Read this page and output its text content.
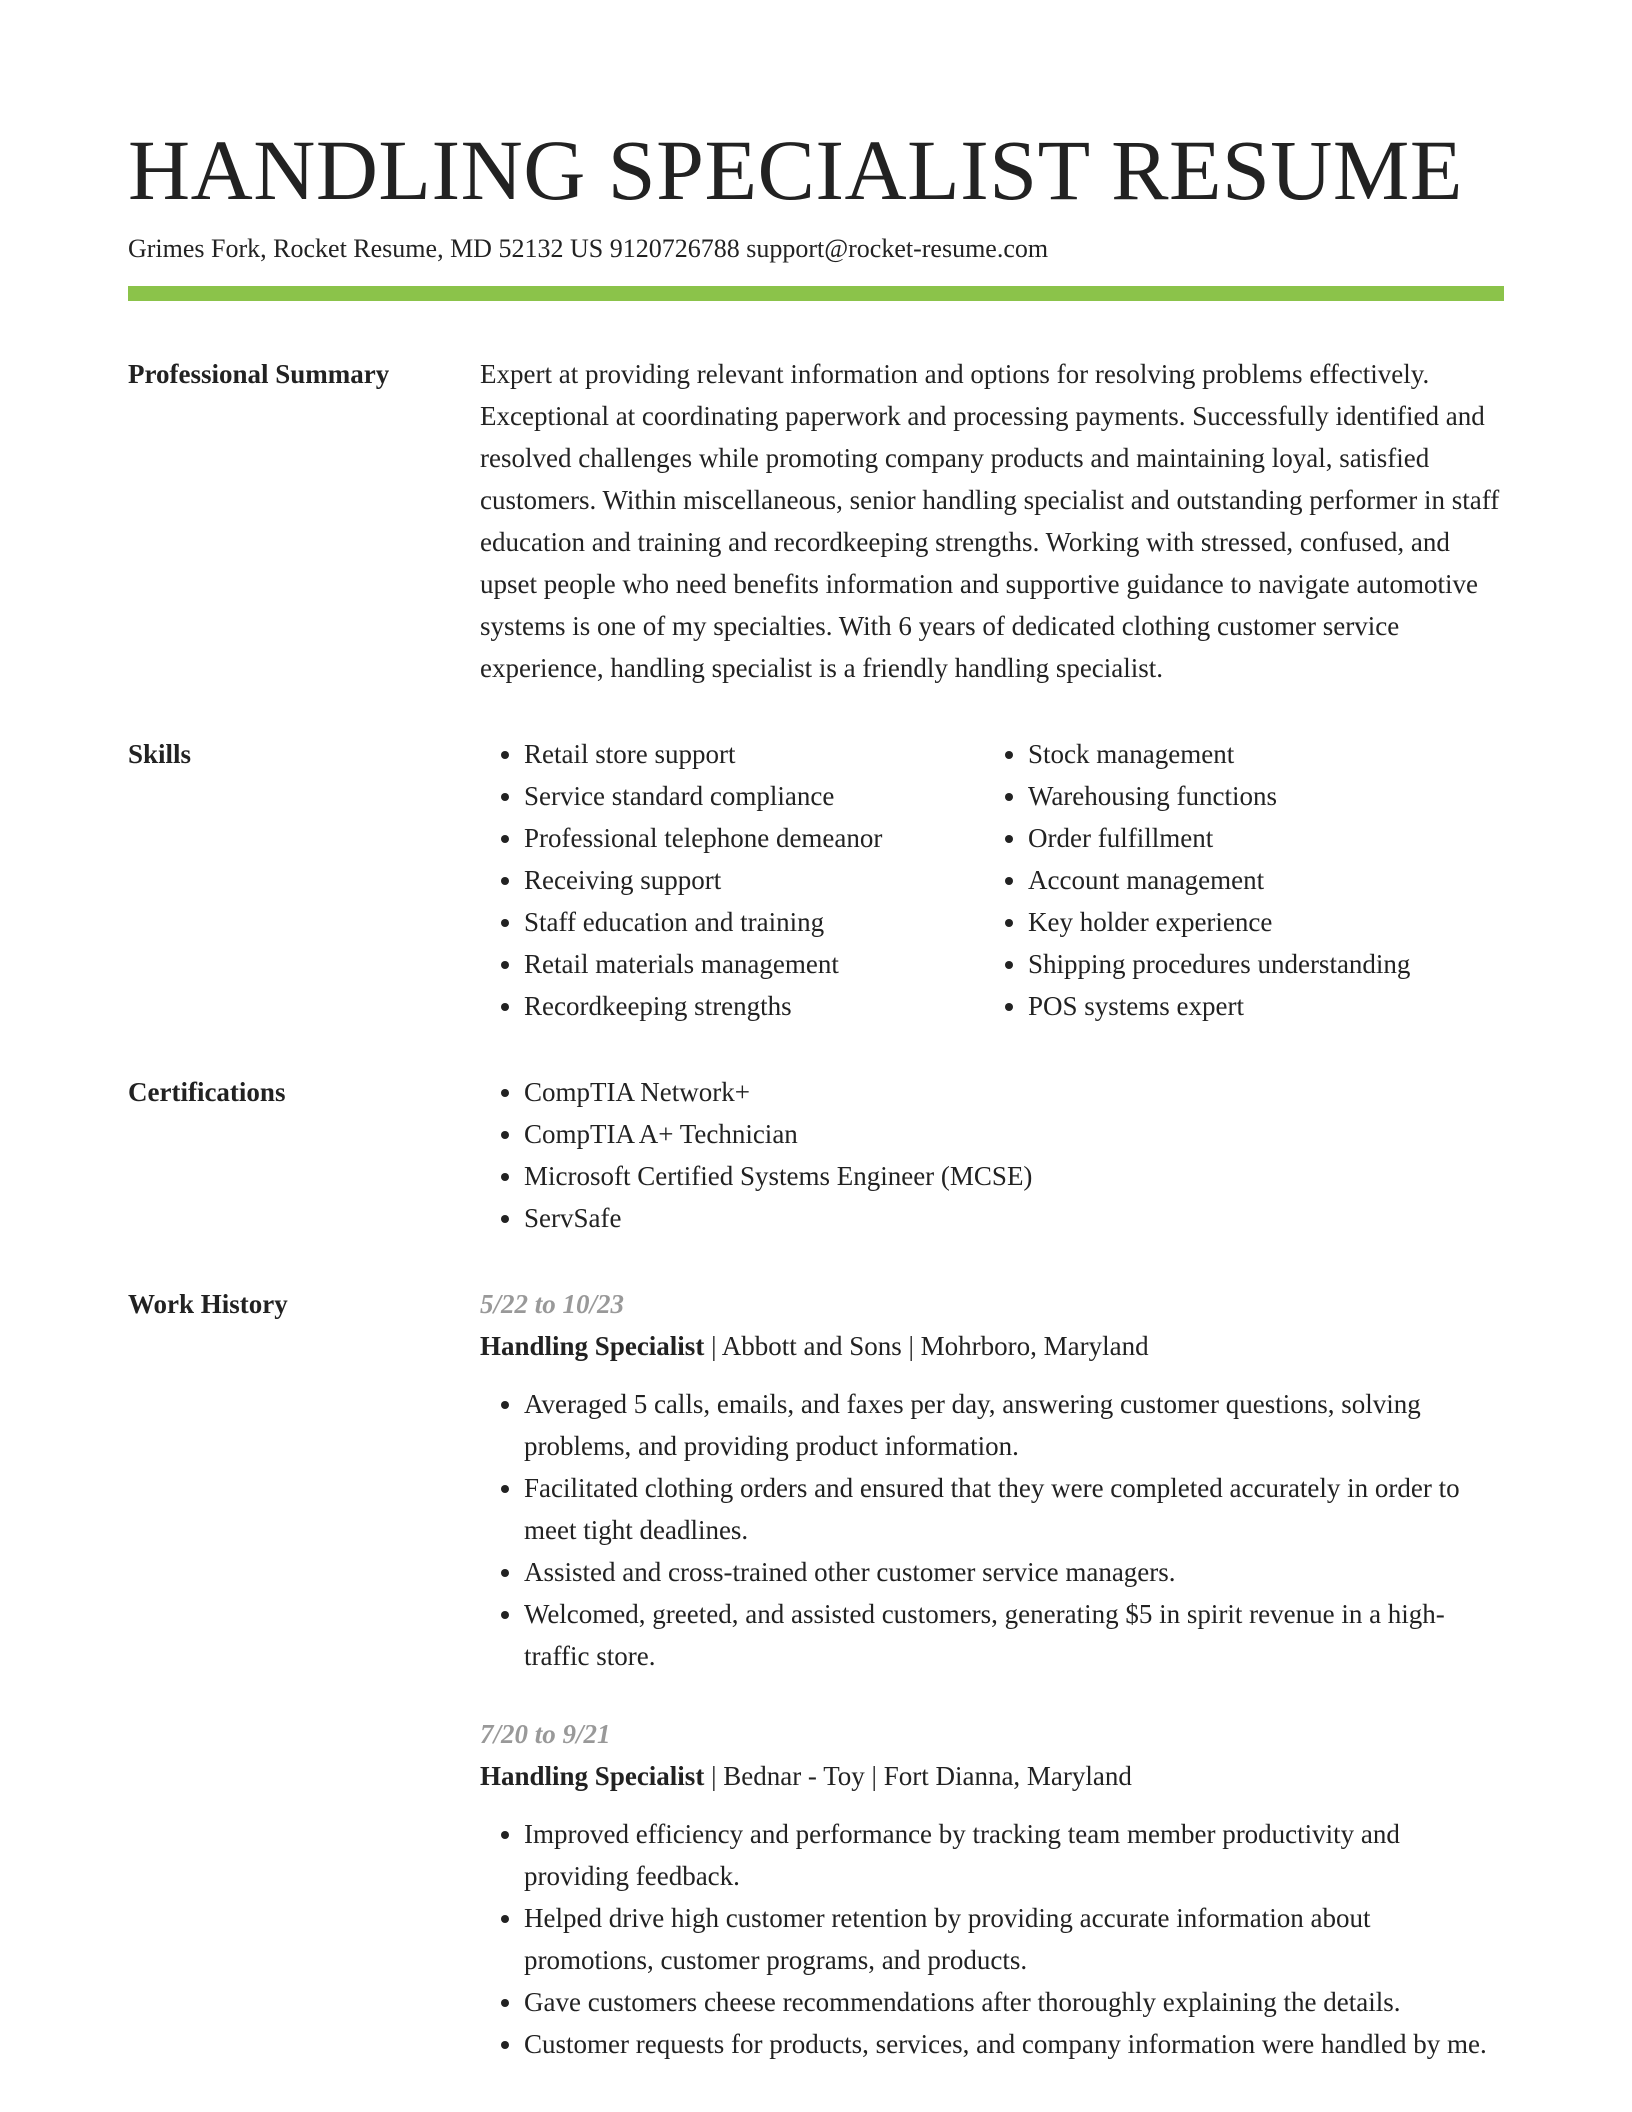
HANDLING SPECIALIST RESUME
Grimes Fork, Rocket Resume, MD 52132 US 9120726788 support@rocket-resume.com
Professional Summary	Expert at providing relevant information and options for resolving problems effectively. Exceptional at coordinating paperwork and processing payments. Successfully identified and resolved challenges while promoting company products and maintaining loyal, satisfied customers. Within miscellaneous, senior handling specialist and outstanding performer in staff education and training and recordkeeping strengths. Working with stressed, confused, and upset people who need benefits information and supportive guidance to navigate automotive systems is one of my specialties. With 6 years of dedicated clothing customer service experience, handling specialist is a friendly handling specialist.

Skills	• Retail store support
• Service standard compliance
• Professional telephone demeanor
• Receiving support
• Staff education and training
• Retail materials management
• Recordkeeping strengths
• Stock management
• Warehousing functions
• Order fulfillment
• Account management
• Key holder experience
• Shipping procedures understanding
• POS systems expert
Certifications	• CompTIA Network+
• CompTIA A+ Technician
• Microsoft Certified Systems Engineer (MCSE)
• ServSafe
Work History	5/22 to 10/23
Handling Specialist | Abbott and Sons | Mohrboro, Maryland
• Averaged 5 calls, emails, and faxes per day, answering customer questions, solving problems, and providing product information.
• Facilitated clothing orders and ensured that they were completed accurately in order to meet tight deadlines.
• Assisted and cross-trained other customer service managers.
• Welcomed, greeted, and assisted customers, generating $5 in spirit revenue in a high-traffic store.
7/20 to 9/21
Handling Specialist | Bednar - Toy | Fort Dianna, Maryland
• Improved efficiency and performance by tracking team member productivity and providing feedback.
• Helped drive high customer retention by providing accurate information about promotions, customer programs, and products.
• Gave customers cheese recommendations after thoroughly explaining the details.
• Customer requests for products, services, and company information were handled by me.
